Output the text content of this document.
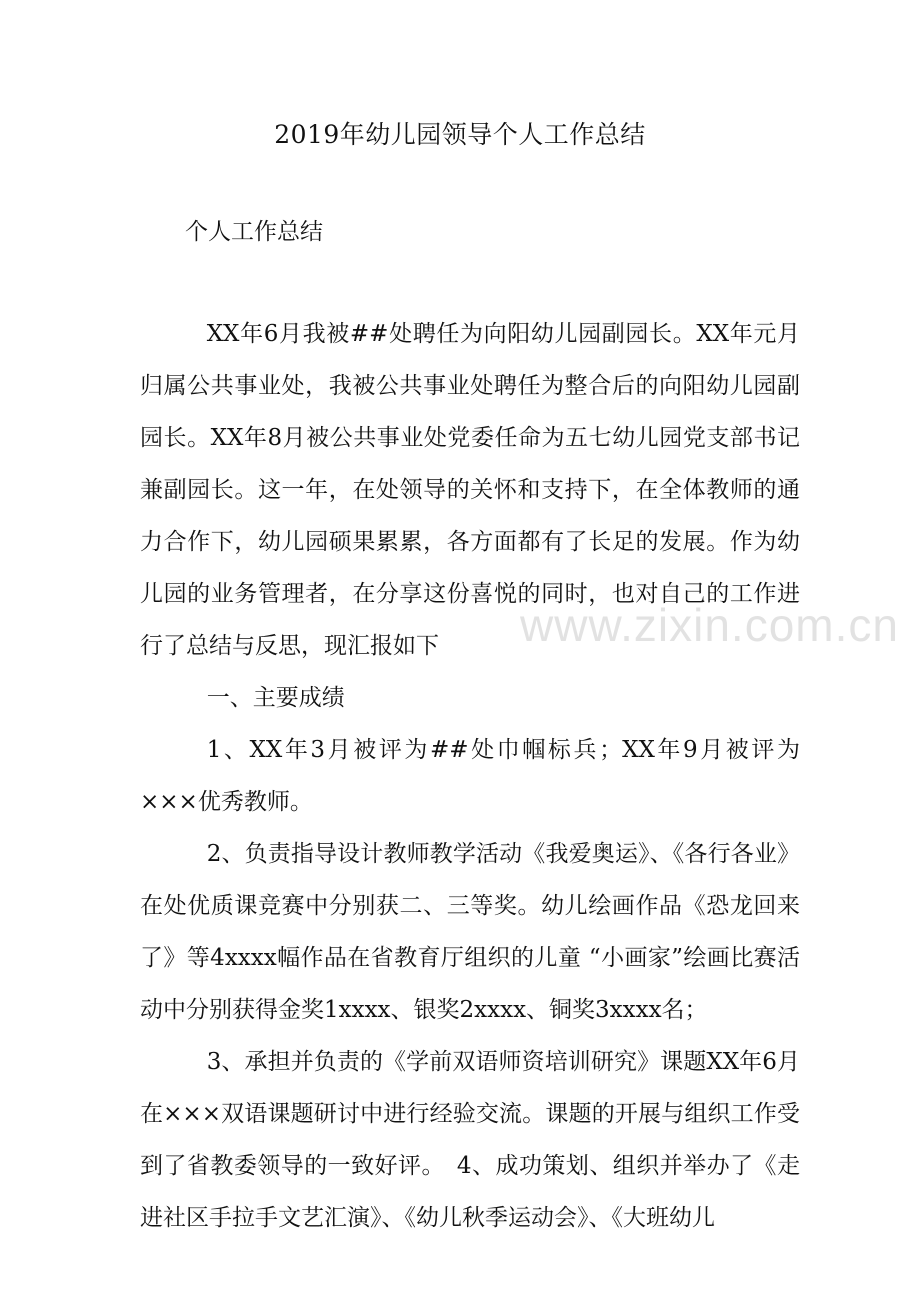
2019年幼儿园领导个人工作总结
个人工作总结

XX年6月我被##处聘任为向阳幼儿园副园长。XX年元月归属公共事业处，我被公共事业处聘任为整合后的向阳幼儿园副园长。XX年8月被公共事业处党委任命为五七幼儿园党支部书记兼副园长。这一年，在处领导的关怀和支持下，在全体教师的通力合作下，幼儿园硕果累累，各方面都有了长足的发展。作为幼儿园的业务管理者，在分享这份喜悦的同时，也对自己的工作进行了总结与反思，现汇报如下

一、主要成绩

1、XX年3月被评为##处巾帼标兵；XX年9月被评为×××优秀教师。

2、负责指导设计教师教学活动《我爱奥运》、《各行各业》在处优质课竞赛中分别获二、三等奖。幼儿绘画作品《恐龙回来了》等4xxxx幅作品在省教育厅组织的儿童 “小画家”绘画比赛活动中分别获得金奖1xxxx、银奖2xxxx、铜奖3xxxx名；

3、承担并负责的《学前双语师资培训研究》课题XX年6月在×××双语课题研讨中进行经验交流。课题的开展与组织工作受到了省教委领导的一致好评。　4、成功策划、组织并举办了《走进社区手拉手文艺汇演》、《幼儿秋季运动会》、《大班幼儿

www.zixin.com.cn
